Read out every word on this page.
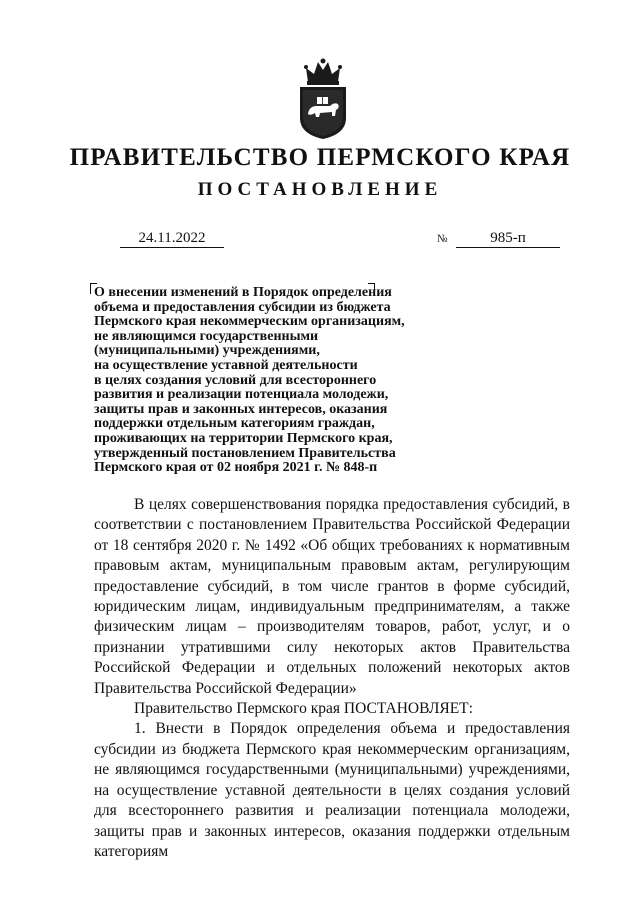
ПРАВИТЕЛЬСТВО ПЕРМСКОГО КРАЯ
ПОСТАНОВЛЕНИЕ
24.11.2022	№	985-п
О внесении изменений в Порядок определения
объема и предоставления субсидии из бюджета
Пермского края некоммерческим организациям,
не являющимся государственными
(муниципальными) учреждениями,
на осуществление уставной деятельности
в целях создания условий для всестороннего
развития и реализации потенциала молодежи,
защиты прав и законных интересов, оказания
поддержки отдельным категориям граждан,
проживающих на территории Пермского края,
утвержденный постановлением Правительства
Пермского края от 02 ноября 2021 г. № 848-п

В целях совершенствования порядка предоставления субсидий, в соответствии с постановлением Правительства Российской Федерации от 18 сентября 2020 г. № 1492 «Об общих требованиях к нормативным правовым актам, муниципальным правовым актам, регулирующим предоставление субсидий, в том числе грантов в форме субсидий, юридическим лицам, индивидуальным предпринимателям, а также физическим лицам – производителям товаров, работ, услуг, и о признании утратившими силу некоторых актов Правительства Российской Федерации и отдельных положений некоторых актов Правительства Российской Федерации»

Правительство Пермского края ПОСТАНОВЛЯЕТ:

1. Внести в Порядок определения объема и предоставления субсидии из бюджета Пермского края некоммерческим организациям, не являющимся государственными (муниципальными) учреждениями, на осуществление уставной деятельности в целях создания условий для всестороннего развития и реализации потенциала молодежи, защиты прав и законных интересов, оказания поддержки отдельным категориям
